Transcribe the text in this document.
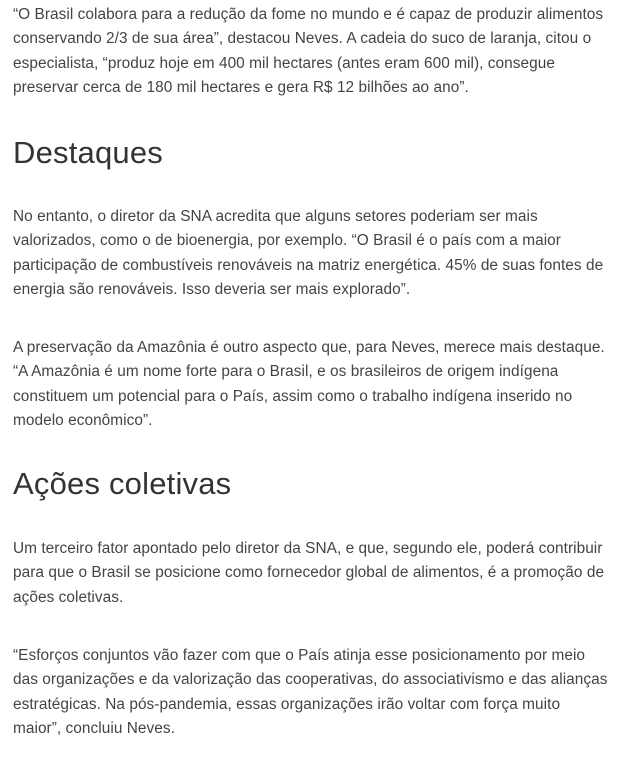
“O Brasil colabora para a redução da fome no mundo e é capaz de produzir alimentos conservando 2/3 de sua área”, destacou Neves. A cadeia do suco de laranja, citou o especialista, “produz hoje em 400 mil hectares (antes eram 600 mil), consegue preservar cerca de 180 mil hectares e gera R$ 12 bilhões ao ano”.

Destaques

No entanto, o diretor da SNA acredita que alguns setores poderiam ser mais valorizados, como o de bioenergia, por exemplo. “O Brasil é o país com a maior participação de combustíveis renováveis na matriz energética. 45% de suas fontes de energia são renováveis. Isso deveria ser mais explorado”.

A preservação da Amazônia é outro aspecto que, para Neves, merece mais destaque. “A Amazônia é um nome forte para o Brasil, e os brasileiros de origem indígena constituem um potencial para o País, assim como o trabalho indígena inserido no modelo econômico”.

Ações coletivas

Um terceiro fator apontado pelo diretor da SNA, e que, segundo ele, poderá contribuir para que o Brasil se posicione como fornecedor global de alimentos, é a promoção de ações coletivas.

“Esforços conjuntos vão fazer com que o País atinja esse posicionamento por meio das organizações e da valorização das cooperativas, do associativismo e das alianças estratégicas. Na pós-pandemia, essas organizações irão voltar com força muito maior”, concluiu Neves.
